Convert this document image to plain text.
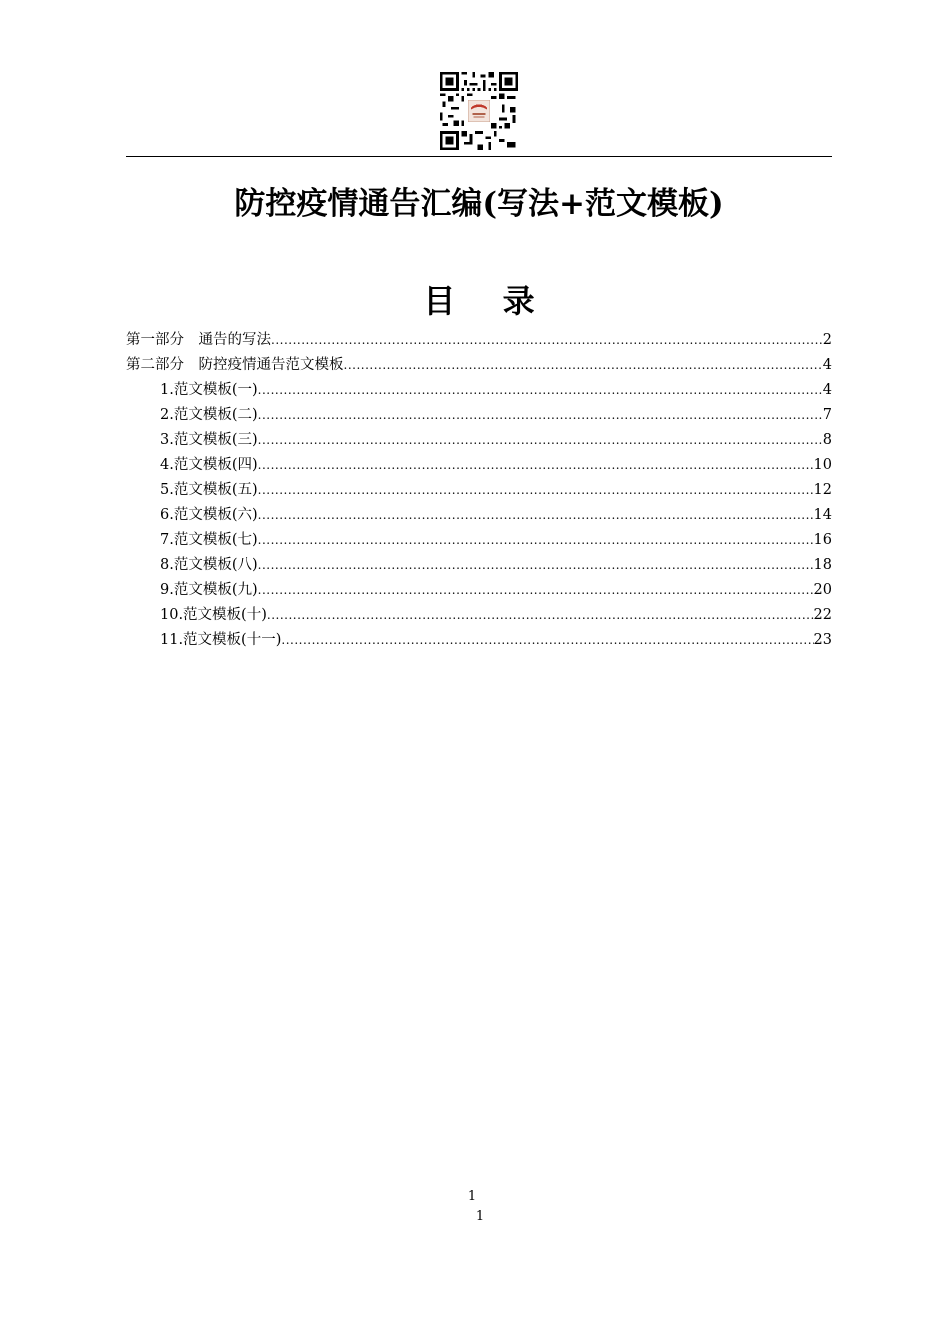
防控疫情通告汇编(写法+范文模板)
目 录
第一部分　通告的写法 .....	2
第二部分　防控疫情通告范文模板 .....	4
1.范文模板(一) .....	4
2.范文模板(二) .....	7
3.范文模板(三) .....	8
4.范文模板(四) .....	10
5.范文模板(五) .....	12
6.范文模板(六) .....	14
7.范文模板(七) .....	16
8.范文模板(八) .....	18
9.范文模板(九) .....	20
10.范文模板(十) .....	22
11.范文模板(十一) .....	23
1
1
